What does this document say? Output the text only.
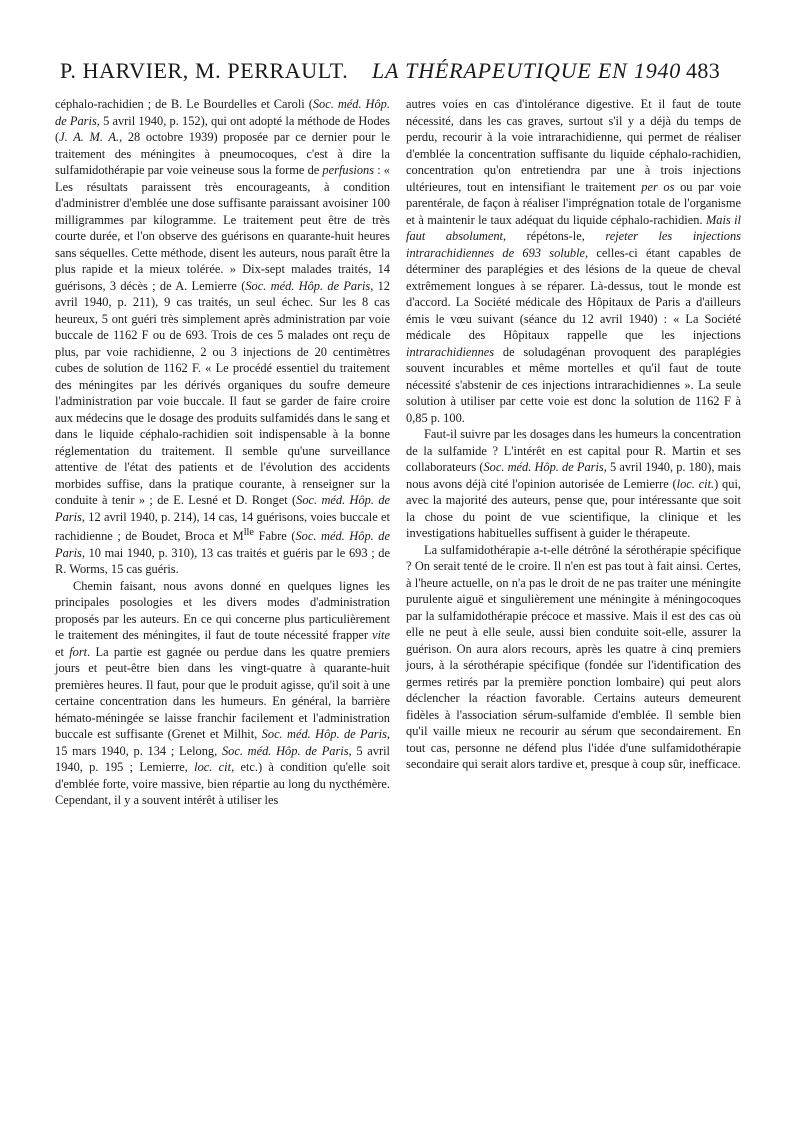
P. HARVIER, M. PERRAULT. LA THÉRAPEUTIQUE EN 1940 483

céphalo-rachidien ; de B. Le Bourdelles et Caroli (Soc. méd. Hôp. de Paris, 5 avril 1940, p. 152), qui ont adopté la méthode de Hodes (J. A. M. A., 28 octobre 1939) proposée par ce dernier pour le traitement des méningites à pneumocoques, c'est à dire la sulfamidothérapie par voie veineuse sous la forme de perfusions : « Les résultats paraissent très encourageants, à condition d'administrer d'emblée une dose suffisante paraissant avoisiner 100 milligrammes par kilogramme. Le traitement peut être de très courte durée, et l'on observe des guérisons en quarante-huit heures sans séquelles. Cette méthode, disent les auteurs, nous paraît être la plus rapide et la mieux tolérée. » Dix-sept malades traités, 14 guérisons, 3 décès ; de A. Lemierre (Soc. méd. Hôp. de Paris, 12 avril 1940, p. 211), 9 cas traités, un seul échec. Sur les 8 cas heureux, 5 ont guéri très simplement après administration par voie buccale de 1162 F ou de 693. Trois de ces 5 malades ont reçu de plus, par voie rachidienne, 2 ou 3 injections de 20 centimètres cubes de solution de 1162 F. « Le procédé essentiel du traitement des méningites par les dérivés organiques du soufre demeure l'administration par voie buccale. Il faut se garder de faire croire aux médecins que le dosage des produits sulfamidés dans le sang et dans le liquide céphalo-rachidien soit indispensable à la bonne réglementation du traitement. Il semble qu'une surveillance attentive de l'état des patients et de l'évolution des accidents morbides suffise, dans la pratique courante, à renseigner sur la conduite à tenir » ; de E. Lesné et D. Ronget (Soc. méd. Hôp. de Paris, 12 avril 1940, p. 214), 14 cas, 14 guérisons, voies buccale et rachidienne ; de Boudet, Broca et $M^{lle}$ Fabre (Soc. méd. Hôp. de Paris, 10 mai 1940, p. 310), 13 cas traités et guéris par le 693 ; de R. Worms, 15 cas guéris.

Chemin faisant, nous avons donné en quelques lignes les principales posologies et les divers modes d'administration proposés par les auteurs. En ce qui concerne plus particulièrement le traitement des méningites, il faut de toute nécessité frapper vite et fort. La partie est gagnée ou perdue dans les quatre premiers jours et peut-être bien dans les vingt-quatre à quarante-huit premières heures. Il faut, pour que le produit agisse, qu'il soit à une certaine concentration dans les humeurs. En général, la barrière hémato-méningée se laisse franchir facilement et l'administration buccale est suffisante (Grenet et Milhit, Soc. méd. Hôp. de Paris, 15 mars 1940, p. 134 ; Lelong, Soc. méd. Hôp. de Paris, 5 avril 1940, p. 195 ; Lemierre, loc. cit, etc.) à condition qu'elle soit d'emblée forte, voire massive, bien répartie au long du nycthémère. Cependant, il y a souvent intérêt à utiliser les

autres voies en cas d'intolérance digestive. Et il faut de toute nécessité, dans les cas graves, surtout s'il y a déjà du temps de perdu, recourir à la voie intrarachidienne, qui permet de réaliser d'emblée la concentration suffisante du liquide céphalo-rachidien, concentration qu'on entretiendra par une à trois injections ultérieures, tout en intensifiant le traitement per os ou par voie parentérale, de façon à réaliser l'imprégnation totale de l'organisme et à maintenir le taux adéquat du liquide céphalo-rachidien. Mais il faut absolument, répétons-le, rejeter les injections intrarachidiennes de 693 soluble, celles-ci étant capables de déterminer des paraplégies et des lésions de la queue de cheval extrêmement longues à se réparer. Là-dessus, tout le monde est d'accord. La Société médicale des Hôpitaux de Paris a d'ailleurs émis le vœu suivant (séance du 12 avril 1940) : « La Société médicale des Hôpitaux rappelle que les injections intrarachidiennes de soludagénan provoquent des paraplégies souvent incurables et même mortelles et qu'il faut de toute nécessité s'abstenir de ces injections intrarachidiennes ». La seule solution à utiliser par cette voie est donc la solution de 1162 F à 0,85 p. 100.

Faut-il suivre par les dosages dans les humeurs la concentration de la sulfamide ? L'intérêt en est capital pour R. Martin et ses collaborateurs (Soc. méd. Hôp. de Paris, 5 avril 1940, p. 180), mais nous avons déjà cité l'opinion autorisée de Lemierre (loc. cit.) qui, avec la majorité des auteurs, pense que, pour intéressante que soit la chose du point de vue scientifique, la clinique et les investigations habituelles suffisent à guider le thérapeute.

La sulfamidothérapie a-t-elle détrôné la sérothérapie spécifique ? On serait tenté de le croire. Il n'en est pas tout à fait ainsi. Certes, à l'heure actuelle, on n'a pas le droit de ne pas traiter une méningite purulente aiguë et singulièrement une méningite à méningocoques par la sulfamidothérapie précoce et massive. Mais il est des cas où elle ne peut à elle seule, aussi bien conduite soit-elle, assurer la guérison. On aura alors recours, après les quatre à cinq premiers jours, à la sérothérapie spécifique (fondée sur l'identification des germes retirés par la première ponction lombaire) qui peut alors déclencher la réaction favorable. Certains auteurs demeurent fidèles à l'association sérum-sulfamide d'emblée. Il semble bien qu'il vaille mieux ne recourir au sérum que secondairement. En tout cas, personne ne défend plus l'idée d'une sulfamidothérapie secondaire qui serait alors tardive et, presque à coup sûr, inefficace.
